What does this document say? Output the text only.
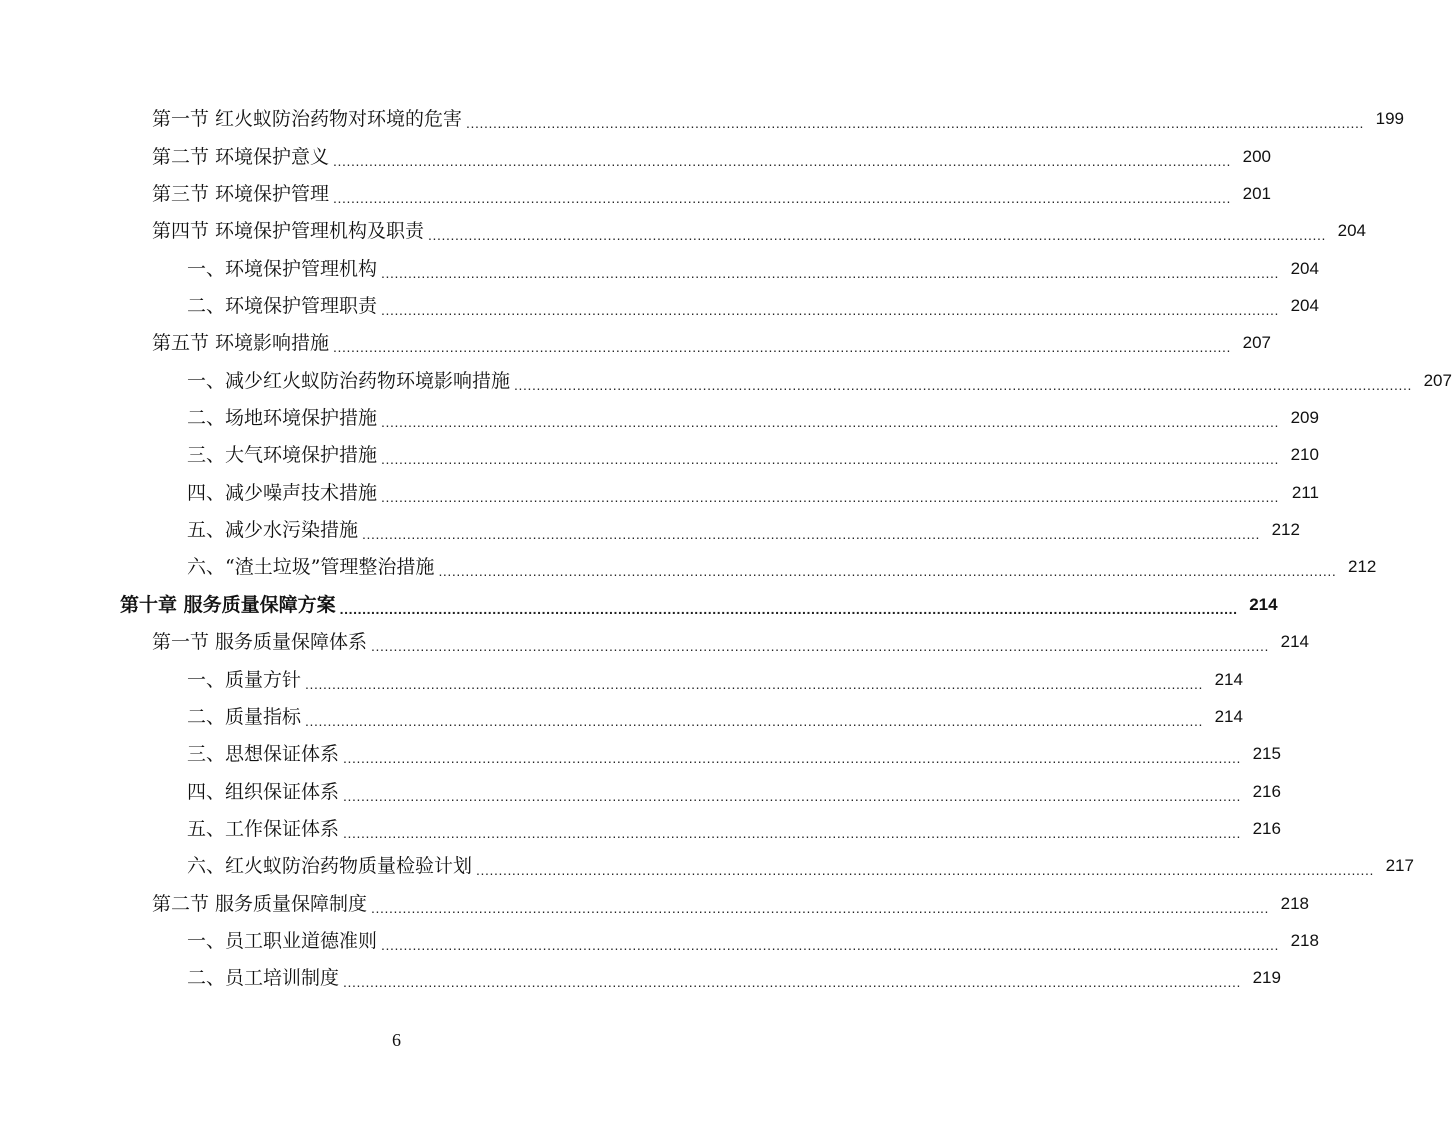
第一节 红火蚁防治药物对环境的危害 ........................................................................................................................................................................................................ 199
第二节 环境保护意义 ........................................................................................................................................................................................................ 200
第三节 环境保护管理 ........................................................................................................................................................................................................ 201
第四节 环境保护管理机构及职责 ........................................................................................................................................................................................................ 204
一、环境保护管理机构 ........................................................................................................................................................................................................ 204
二、环境保护管理职责 ........................................................................................................................................................................................................ 204
第五节 环境影响措施 ........................................................................................................................................................................................................ 207
一、减少红火蚁防治药物环境影响措施 ........................................................................................................................................................................................................ 207
二、场地环境保护措施 ........................................................................................................................................................................................................ 209
三、大气环境保护措施 ........................................................................................................................................................................................................ 210
四、减少噪声技术措施 ........................................................................................................................................................................................................ 211
五、减少水污染措施 ........................................................................................................................................................................................................ 212
六、“渣土垃圾”管理整治措施 ........................................................................................................................................................................................................ 212
第十章 服务质量保障方案 ........................................................................................................................................................................................................ 214
第一节 服务质量保障体系 ........................................................................................................................................................................................................ 214
一、质量方针 ........................................................................................................................................................................................................ 214
二、质量指标 ........................................................................................................................................................................................................ 214
三、思想保证体系 ........................................................................................................................................................................................................ 215
四、组织保证体系 ........................................................................................................................................................................................................ 216
五、工作保证体系 ........................................................................................................................................................................................................ 216
六、红火蚁防治药物质量检验计划 ........................................................................................................................................................................................................ 217
第二节 服务质量保障制度 ........................................................................................................................................................................................................ 218
一、员工职业道德准则 ........................................................................................................................................................................................................ 218
二、员工培训制度 ........................................................................................................................................................................................................ 219
6
